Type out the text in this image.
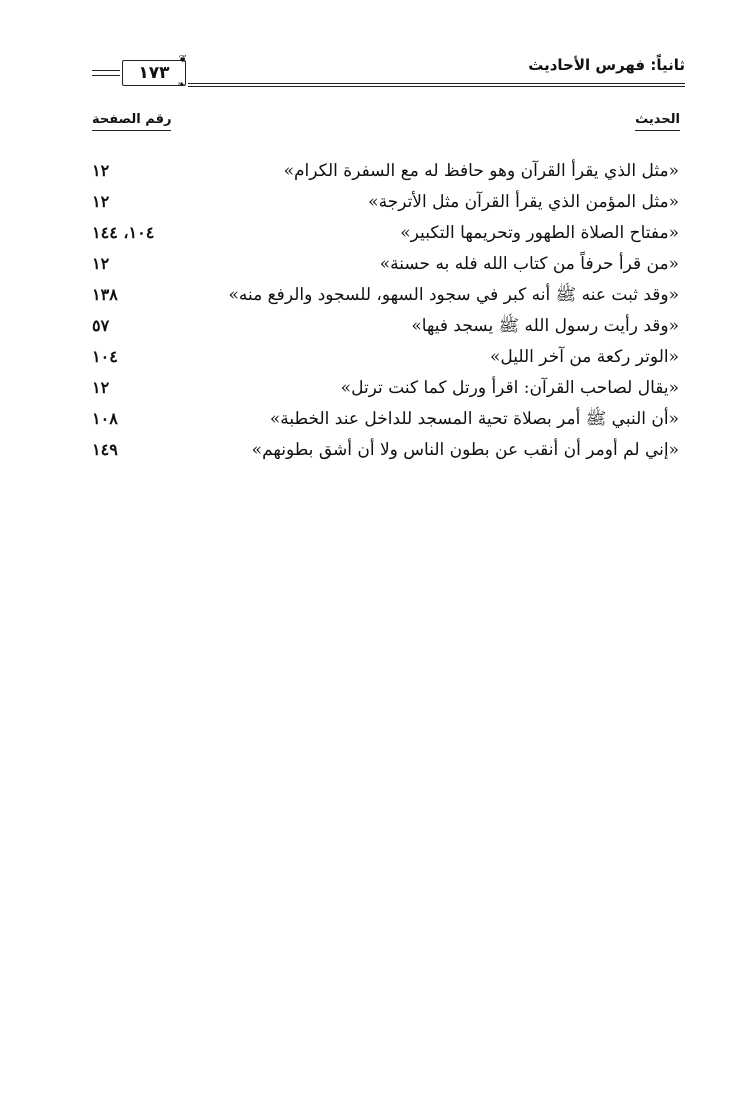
ثانياً: فهرس الأحاديث
١٧٣
❦
❧
الحديث
رقم الصفحة
«مثل الذي يقرأ القرآن وهو حافظ له مع السفرة الكرام»
١٢
«مثل المؤمن الذي يقرأ القرآن مثل الأترجة»
١٢
«مفتاح الصلاة الطهور وتحريمها التكبير»
١٠٤، ١٤٤
«من قرأ حرفاً من كتاب الله فله به حسنة»
١٢
«وقد ثبت عنه ﷺ أنه كبر في سجود السهو، للسجود والرفع منه»
١٣٨
«وقد رأيت رسول الله ﷺ يسجد فيها»
٥٧
«الوتر ركعة من آخر الليل»
١٠٤
«يقال لصاحب القرآن: اقرأ ورتل كما كنت ترتل»
١٢
«أن النبي ﷺ أمر بصلاة تحية المسجد للداخل عند الخطبة»
١٠٨
«إني لم أومر أن أنقب عن بطون الناس ولا أن أشق بطونهم»
١٤٩
